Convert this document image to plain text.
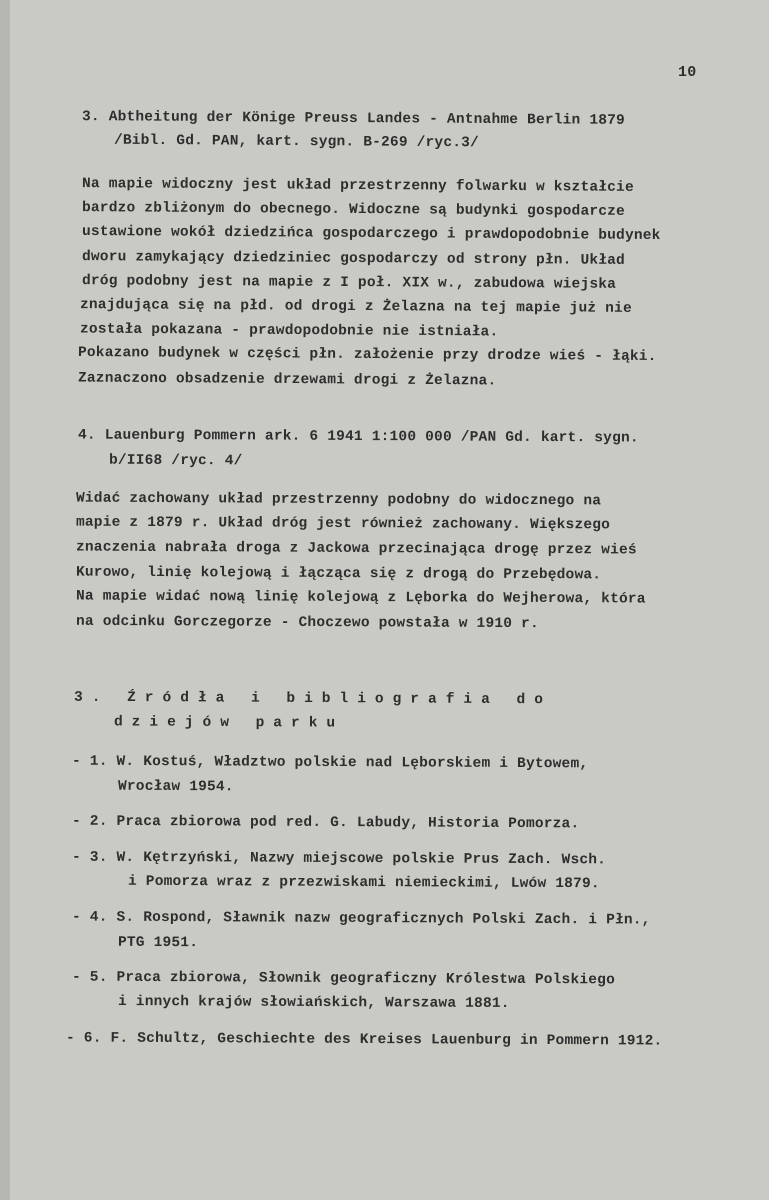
10
3. Abtheitung der Könige Preuss Landes - Antnahme Berlin 1879
/Bibl. Gd. PAN, kart. sygn. B-269 /ryc.3/
Na mapie widoczny jest układ przestrzenny folwarku w kształcie
bardzo zbliżonym do obecnego. Widoczne są budynki gospodarcze
ustawione wokół dziedzińca gospodarczego i prawdopodobnie budynek
dworu zamykający dziedziniec gospodarczy od strony płn. Układ
dróg podobny jest na mapie z I poł. XIX w., zabudowa wiejska
znajdująca się na płd. od drogi z Żelazna na tej mapie już nie
została pokazana - prawdopodobnie nie istniała.
Pokazano budynek w części płn. założenie przy drodze wieś - łąki.
Zaznaczono obsadzenie drzewami drogi z Żelazna.
4. Lauenburg Pommern ark. 6 1941 1:100 000 /PAN Gd. kart. sygn.
b/II68 /ryc. 4/
Widać zachowany układ przestrzenny podobny do widocznego na
mapie z 1879 r. Układ dróg jest również zachowany. Większego
znaczenia nabrała droga z Jackowa przecinająca drogę przez wieś
Kurowo, linię kolejową i łącząca się z drogą do Przebędowa.
Na mapie widać nową linię kolejową z Lęborka do Wejherowa, która
na odcinku Gorczegorze - Choczewo powstała w 1910 r.
3. Źródła i bibliografia do
dziejów parku
- 1. W. Kostuś, Władztwo polskie nad Lęborskiem i Bytowem,
Wrocław 1954.
- 2. Praca zbiorowa pod red. G. Labudy, Historia Pomorza.
- 3. W. Kętrzyński, Nazwy miejscowe polskie Prus Zach. Wsch.
i Pomorza wraz z przezwiskami niemieckimi, Lwów 1879.
- 4. S. Rospond, Sławnik nazw geograficznych Polski Zach. i Płn.,
PTG 1951.
- 5. Praca zbiorowa, Słownik geograficzny Królestwa Polskiego
i innych krajów słowiańskich, Warszawa 1881.
- 6. F. Schultz, Geschiechte des Kreises Lauenburg in Pommern 1912.
